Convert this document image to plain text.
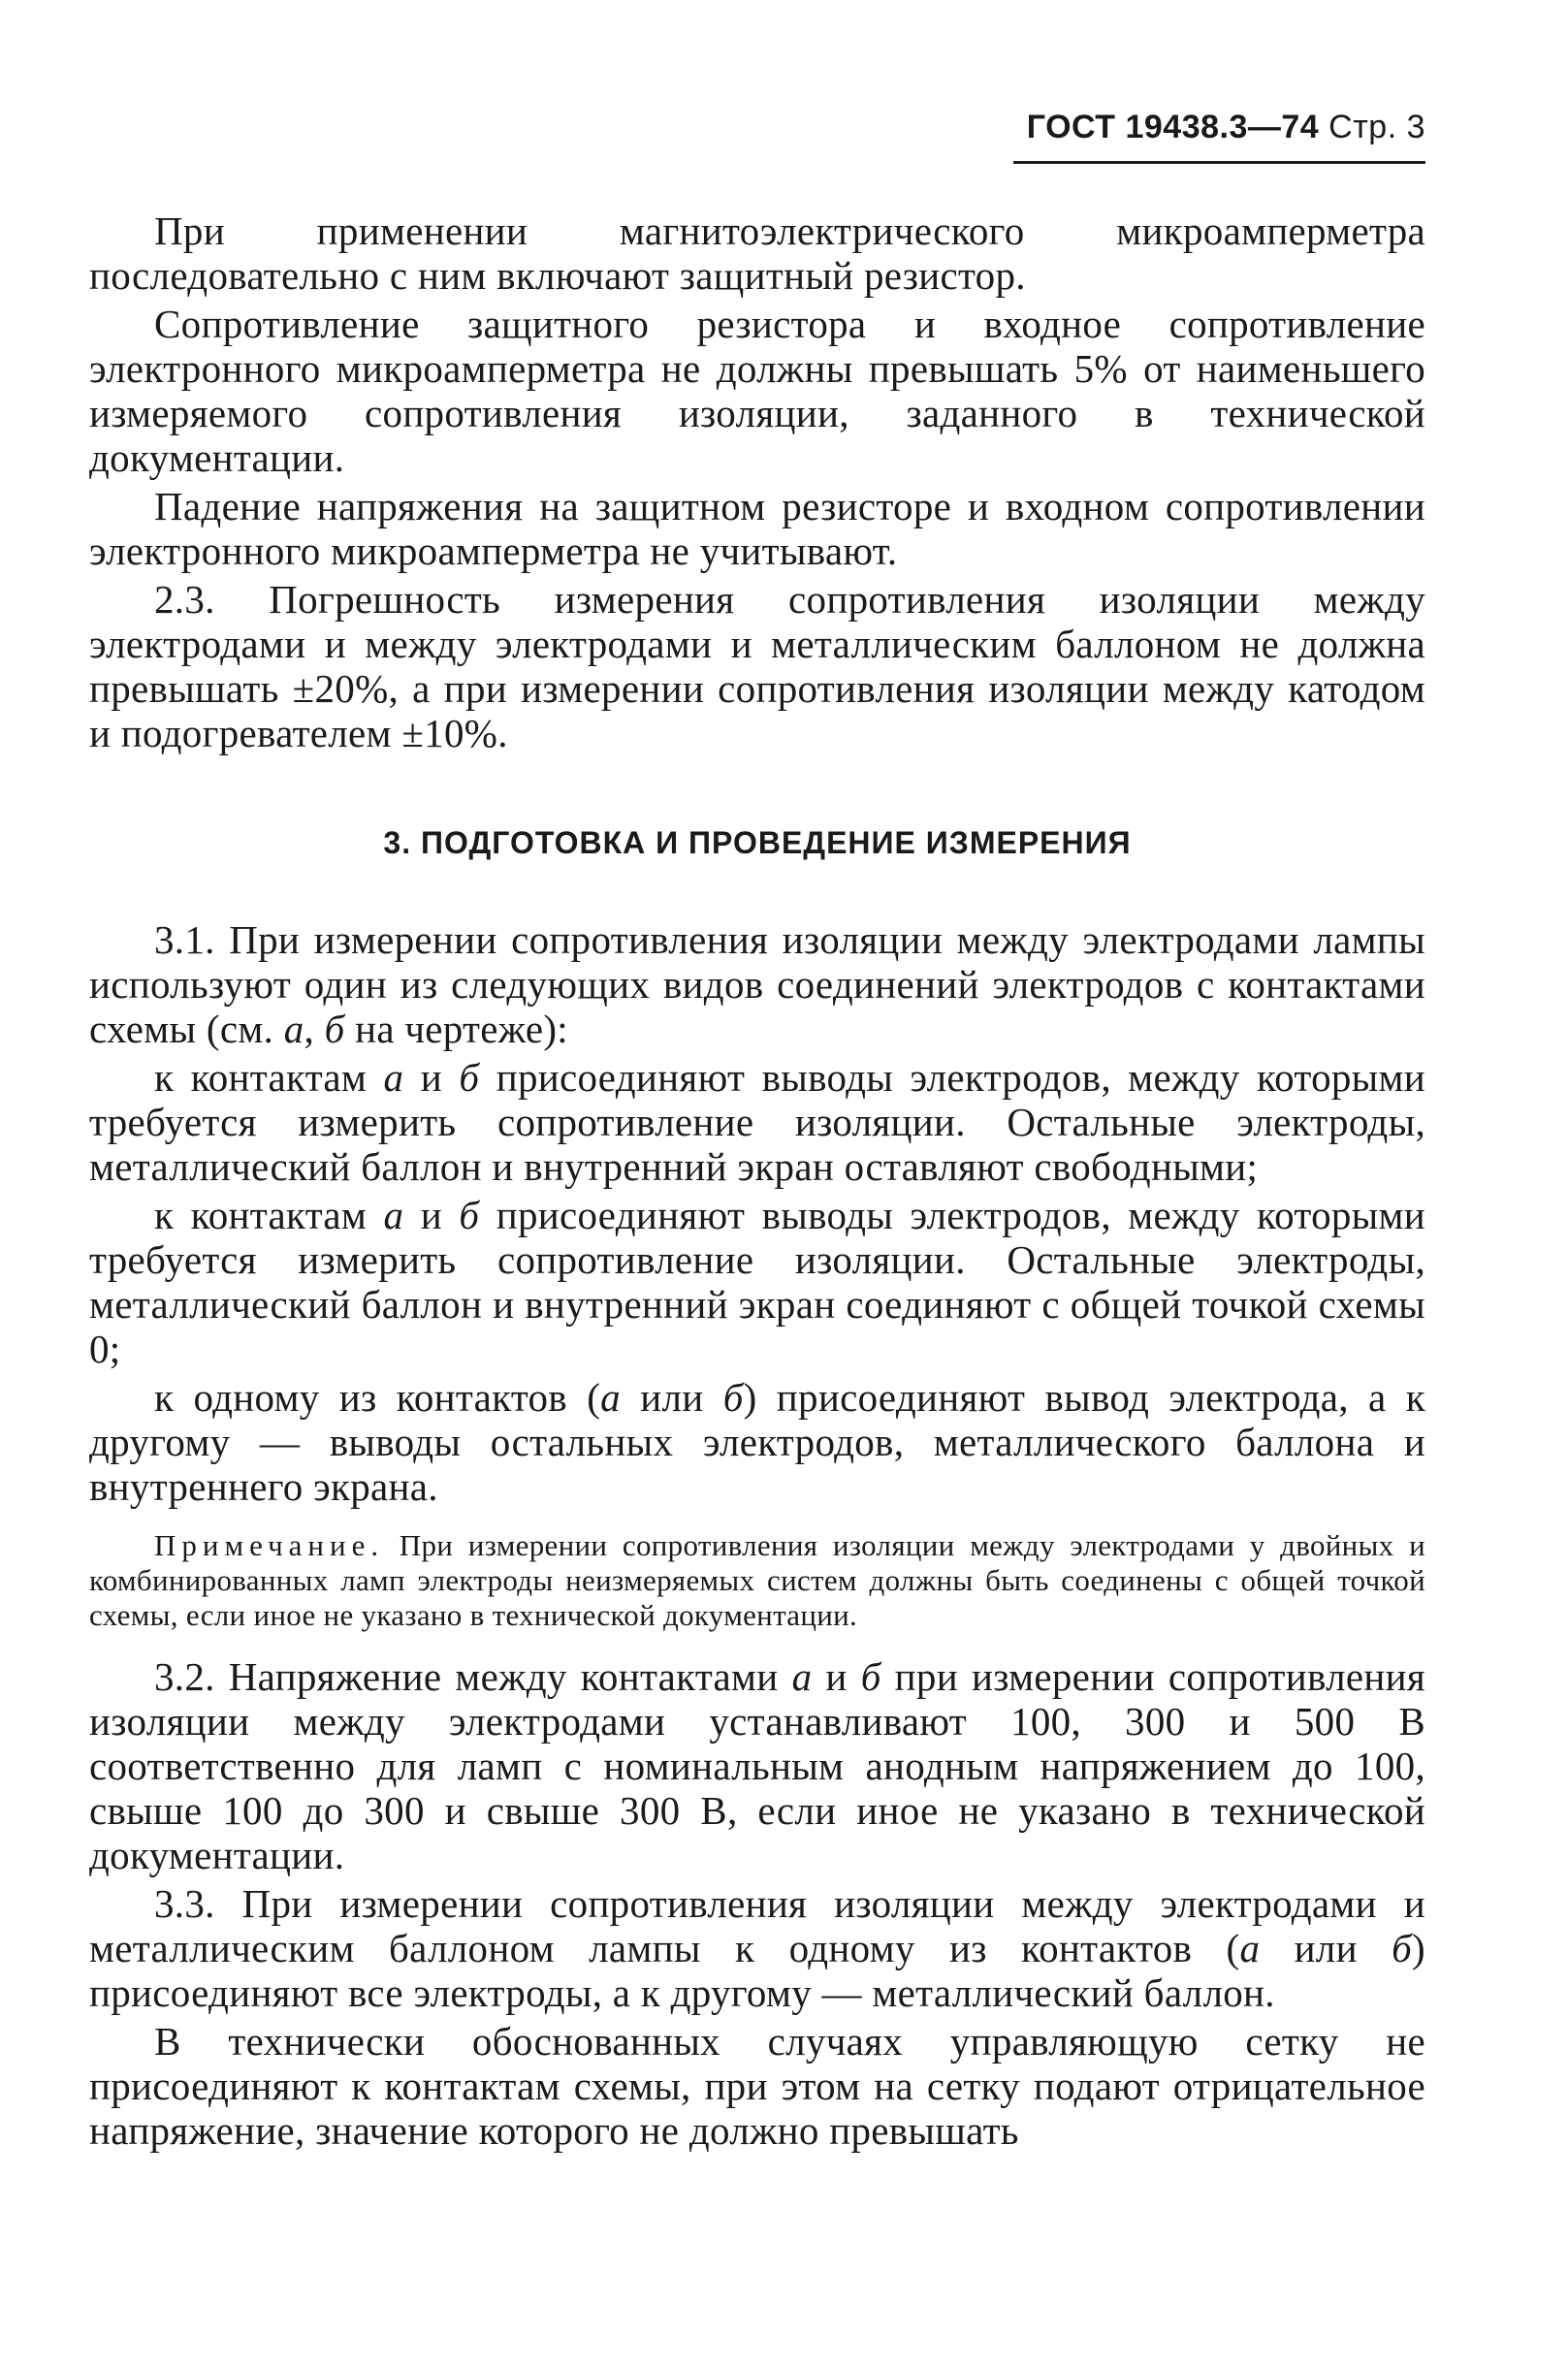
ГОСТ 19438.3—74 Стр. 3

При применении магнитоэлектрического микроамперметра последовательно с ним включают защитный резистор.

Сопротивление защитного резистора и входное сопротивление электронного микроамперметра не должны превышать 5% от наименьшего измеряемого сопротивления изоляции, заданного в технической документации.

Падение напряжения на защитном резисторе и входном сопротивлении электронного микроамперметра не учитывают.

2.3. Погрешность измерения сопротивления изоляции между электродами и между электродами и металлическим баллоном не должна превышать ±20%, а при измерении сопротивления изоляции между катодом и подогревателем ±10%.

3. ПОДГОТОВКА И ПРОВЕДЕНИЕ ИЗМЕРЕНИЯ

3.1. При измерении сопротивления изоляции между электродами лампы используют один из следующих видов соединений электродов с контактами схемы (см. а, б на чертеже):

к контактам а и б присоединяют выводы электродов, между которыми требуется измерить сопротивление изоляции. Остальные электроды, металлический баллон и внутренний экран оставляют свободными;

к контактам а и б присоединяют выводы электродов, между которыми требуется измерить сопротивление изоляции. Остальные электроды, металлический баллон и внутренний экран соединяют с общей точкой схемы 0;

к одному из контактов (а или б) присоединяют вывод электрода, а к другому — выводы остальных электродов, металлического баллона и внутреннего экрана.

Примечание. При измерении сопротивления изоляции между электродами у двойных и комбинированных ламп электроды неизмеряемых систем должны быть соединены с общей точкой схемы, если иное не указано в технической документации.

3.2. Напряжение между контактами а и б при измерении сопротивления изоляции между электродами устанавливают 100, 300 и 500 В соответственно для ламп с номинальным анодным напряжением до 100, свыше 100 до 300 и свыше 300 В, если иное не указано в технической документации.

3.3. При измерении сопротивления изоляции между электродами и металлическим баллоном лампы к одному из контактов (а или б) присоединяют все электроды, а к другому — металлический баллон.

В технически обоснованных случаях управляющую сетку не присоединяют к контактам схемы, при этом на сетку подают отрицательное напряжение, значение которого не должно превышать
